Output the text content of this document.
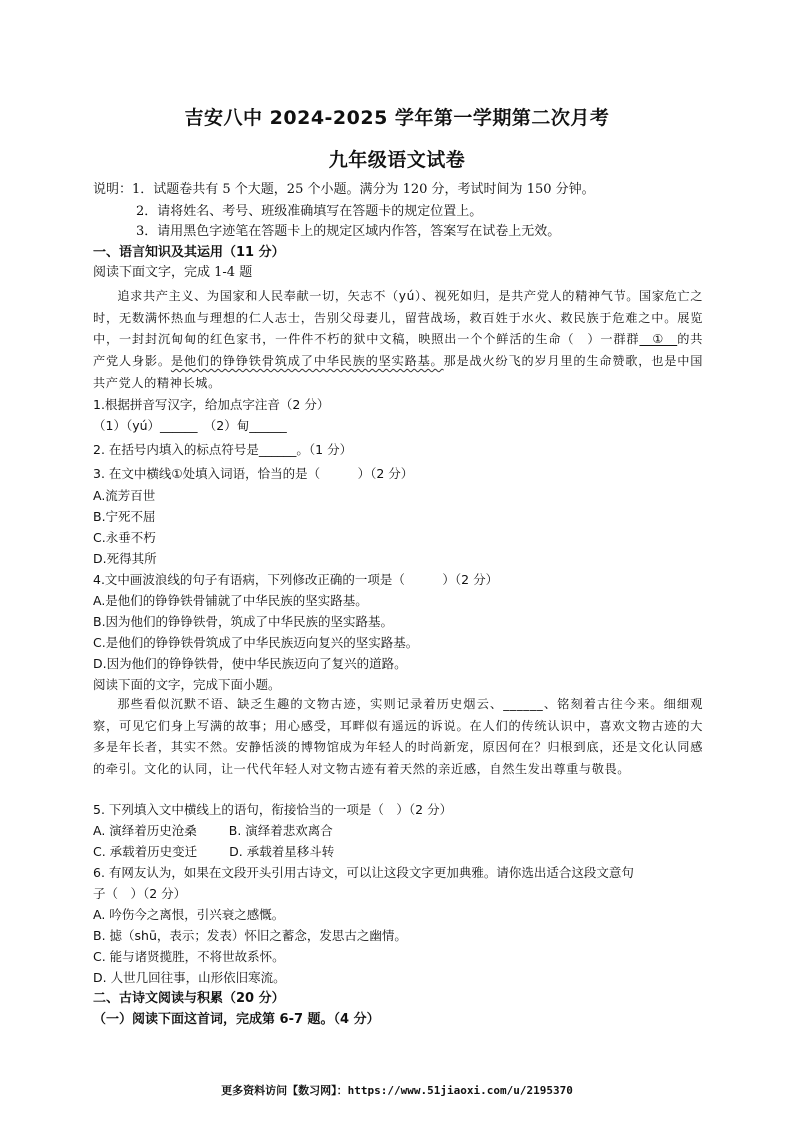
吉安八中 2024-2025 学年第一学期第二次月考
九年级语文试卷
说明：1．试题卷共有 5 个大题，25 个小题。满分为 120 分，考试时间为 150 分钟。
2．请将姓名、考号、班级准确填写在答题卡的规定位置上。
3．请用黑色字迹笔在答题卡上的规定区域内作答，答案写在试卷上无效。
一、语言知识及其运用（11 分）
阅读下面文字，完成 1-4 题
追求共产主义、为国家和人民奉献一切，矢志不（yú）、视死如归，是共产党人的精神气节。国家危亡之时，无数满怀热血与理想的仁人志士，告别父母妻儿，留营战场，救百姓于水火、救民族于危难之中。展览中，一封封沉甸甸的红色家书，一件件不朽的狱中文稿，映照出一个个鲜活的生命（　）一群群　①　的共产党人身影。是他们的铮铮铁骨筑成了中华民族的坚实路基。那是战火纷飞的岁月里的生命赞歌，也是中国共产党人的精神长城。
1.根据拼音写汉字，给加点字注音（2 分）
（1）（yú）______　（2）甸______
2. 在括号内填入的标点符号是______。（1 分）
3. 在文中横线①处填入词语，恰当的是（　　　）（2 分）
A.流芳百世
B.宁死不屈
C.永垂不朽
D.死得其所
4.文中画波浪线的句子有语病，下列修改正确的一项是（　　　）（2 分）
A.是他们的铮铮铁骨铺就了中华民族的坚实路基。
B.因为他们的铮铮铁骨，筑成了中华民族的坚实路基。
C.是他们的铮铮铁骨筑成了中华民族迈向复兴的坚实路基。
D.因为他们的铮铮铁骨，使中华民族迈向了复兴的道路。
阅读下面的文字，完成下面小题。
那些看似沉默不语、缺乏生趣的文物古迹，实则记录着历史烟云、______、铭刻着古往今来。细细观察，可见它们身上写满的故事；用心感受，耳畔似有遥远的诉说。在人们的传统认识中，喜欢文物古迹的大多是年长者，其实不然。安静恬淡的博物馆成为年轻人的时尚新宠，原因何在？归根到底，还是文化认同感的牵引。文化的认同，让一代代年轻人对文物古迹有着天然的亲近感，自然生发出尊重与敬畏。
5. 下列填入文中横线上的语句，衔接恰当的一项是（　）（2 分）
A. 演绎着历史沧桑	B. 演绎着悲欢离合
C. 承载着历史变迁	D. 承载着星移斗转
6. 有网友认为，如果在文段开头引用古诗文，可以让这段文字更加典雅。请你选出适合这段文意句
子（　）（2 分）
A. 吟伤今之离恨，引兴衰之感慨。
B. 摅（shū，表示；发表）怀旧之蓄念，发思古之幽情。
C. 能与诸贤揽胜，不将世故系怀。
D. 人世几回往事，山形依旧寒流。
二、古诗文阅读与积累（20 分）
（一）阅读下面这首词，完成第 6-7 题。（4 分）
更多资料访问【数习网】：https://www.51jiaoxi.com/u/2195370
